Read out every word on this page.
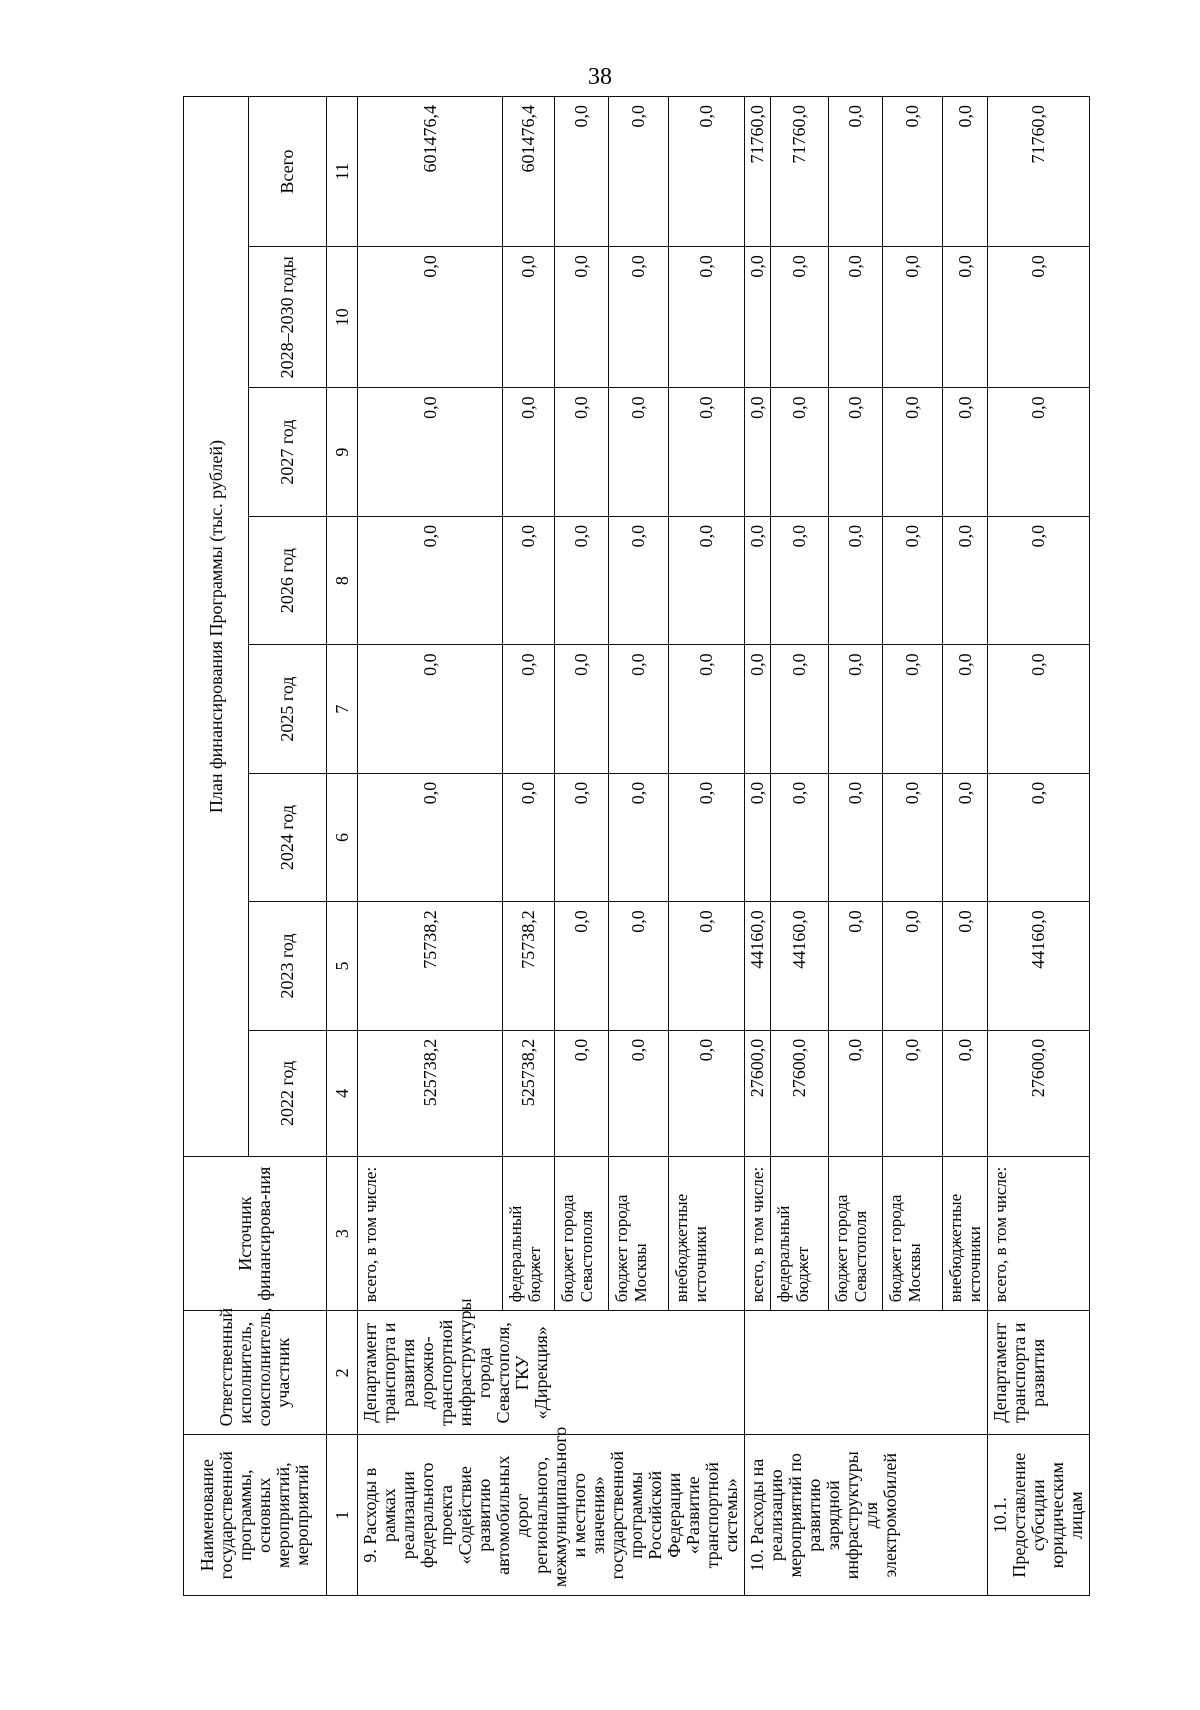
38
Наименование государственной программы, основных мероприятий, мероприятий	Ответственный исполнитель, соисполнитель, участник	Источник финансирова-ния	План финансирования Программы (тыс. рублей)							
			2022 год	2023 год	2024 год	2025 год	2026 год	2027 год	2028–2030 годы	Всего
1	2	3	4	5	6	7	8	9	10	11
9. Расходы в рамках реализации федерального проекта «Содействие развитию автомобильных дорог регионального, межмуниципального и местного значения» государственной программы Российской Федерации «Развитие транспортной системы»	Департамент транспорта и развития дорожно-транспортной инфраструктуры города Севастополя, ГКУ «Дирекция»	всего, в том числе:	525738,2	75738,2	0,0	0,0	0,0	0,0	0,0	601476,4
		федеральный бюджет	525738,2	75738,2	0,0	0,0	0,0	0,0	0,0	601476,4
		бюджет города Севастополя	0,0	0,0	0,0	0,0	0,0	0,0	0,0	0,0
		бюджет города Москвы	0,0	0,0	0,0	0,0	0,0	0,0	0,0	0,0
		внебюджетные источники	0,0	0,0	0,0	0,0	0,0	0,0	0,0	0,0
10. Расходы на реализацию мероприятий по развитию зарядной инфраструктуры для электромобилей		всего, в том числе:	27600,0	44160,0	0,0	0,0	0,0	0,0	0,0	71760,0
		федеральный бюджет	27600,0	44160,0	0,0	0,0	0,0	0,0	0,0	71760,0
		бюджет города Севастополя	0,0	0,0	0,0	0,0	0,0	0,0	0,0	0,0
		бюджет города Москвы	0,0	0,0	0,0	0,0	0,0	0,0	0,0	0,0
		внебюджетные источники	0,0	0,0	0,0	0,0	0,0	0,0	0,0	0,0
10.1. Предоставление субсидии юридическим лицам	Департамент транспорта и развития	всего, в том числе:	27600,0	44160,0	0,0	0,0	0,0	0,0	0,0	71760,0
